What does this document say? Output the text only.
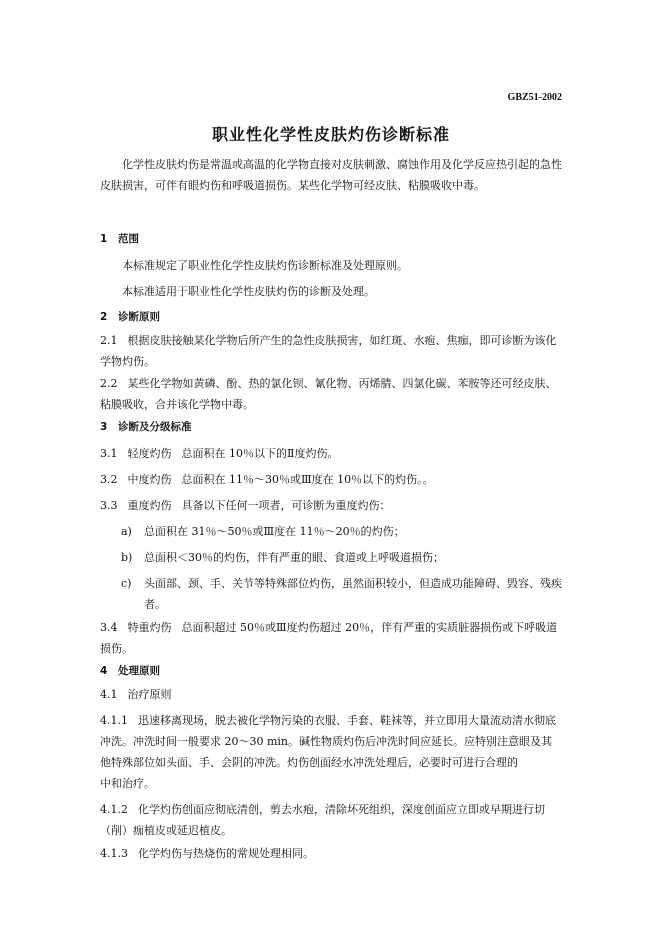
GBZ51-2002
职业性化学性皮肤灼伤诊断标准

化学性皮肤灼伤是常温或高温的化学物直接对皮肤刺激、腐蚀作用及化学反应热引起的急性皮肤损害，可伴有眼灼伤和呼吸道损伤。某些化学物可经皮肤、粘膜吸收中毒。

1 范围

本标准规定了职业性化学性皮肤灼伤诊断标准及处理原则。

本标准适用于职业性化学性皮肤灼伤的诊断及处理。

2 诊断原则

2.1 根据皮肤接触某化学物后所产生的急性皮肤损害，如红斑、水疱、焦痂，即可诊断为该化学物灼伤。

2.2 某些化学物如黄磷、酚、热的氯化钡、氰化物、丙烯腈、四氯化碳、苯胺等还可经皮肤、粘膜吸收，合并该化学物中毒。

3 诊断及分级标准

3.1 轻度灼伤 总面积在 10％以下的Ⅱ度灼伤。

3.2 中度灼伤 总面积在 11％～30％或Ⅲ度在 10％以下的灼伤。。

3.3 重度灼伤 具备以下任何一项者，可诊断为重度灼伤：

a) 总面积在 31％～50％或Ⅲ度在 11％～20％的灼伤；
b) 总面积＜30％的灼伤，伴有严重的眼、食道或上呼吸道损伤；
c) 头面部、颈、手、关节等特殊部位灼伤，虽然面积较小，但造成功能障碍、毁容、残疾者。

3.4 特重灼伤 总面积超过 50％或Ⅲ度灼伤超过 20％，伴有严重的实质脏器损伤或下呼吸道损伤。

4 处理原则

4.1 治疗原则

4.1.1 迅速移离现场，脱去被化学物污染的衣服、手套、鞋袜等，并立即用大量流动清水彻底冲洗。冲洗时间一般要求 20～30 min。碱性物质灼伤后冲洗时间应延长。应特别注意眼及其他特殊部位如头面、手、会阴的冲洗。灼伤创面经水冲洗处理后，必要时可进行合理的

中和治疗。

4.1.2 化学灼伤创面应彻底清创，剪去水疱，清除坏死组织，深度创面应立即或早期进行切（削）痂植皮或延迟植皮。

4.1.3 化学灼伤与热烧伤的常规处理相同。
